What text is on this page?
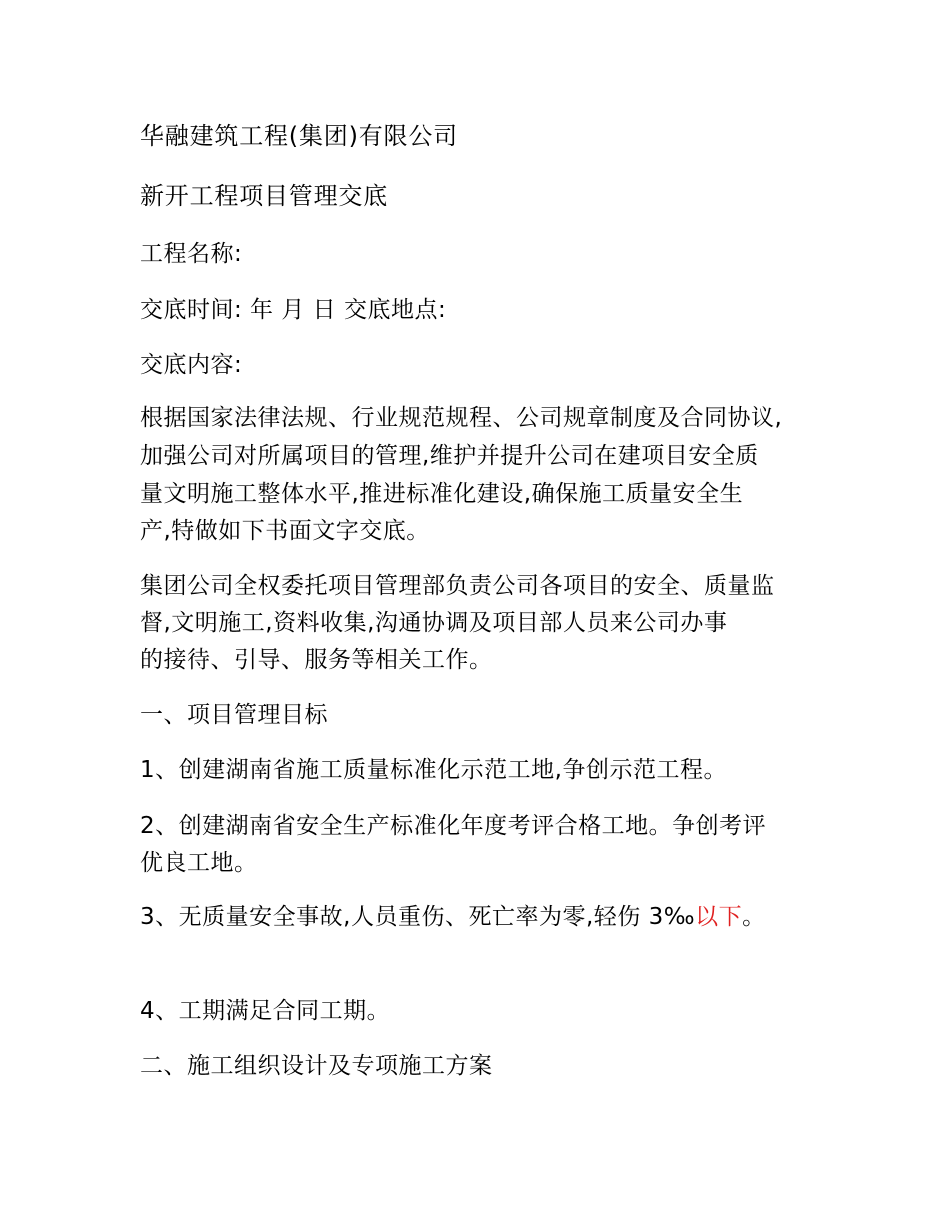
华融建筑工程(集团)有限公司
新开工程项目管理交底
工程名称:
交底时间: 年 月 日 交底地点:
交底内容:
根据国家法律法规、行业规范规程、公司规章制度及合同协议,
加强公司对所属项目的管理,维护并提升公司在建项目安全质
量文明施工整体水平,推进标准化建设,确保施工质量安全生
产,特做如下书面文字交底。
集团公司全权委托项目管理部负责公司各项目的安全、质量监
督,文明施工,资料收集,沟通协调及项目部人员来公司办事
的接待、引导、服务等相关工作。
一、项目管理目标
1、创建湖南省施工质量标准化示范工地,争创示范工程。
2、创建湖南省安全生产标准化年度考评合格工地。争创考评
优良工地。
3、无质量安全事故,人员重伤、死亡率为零,轻伤 3‰以下。
4、工期满足合同工期。
二、施工组织设计及专项施工方案
